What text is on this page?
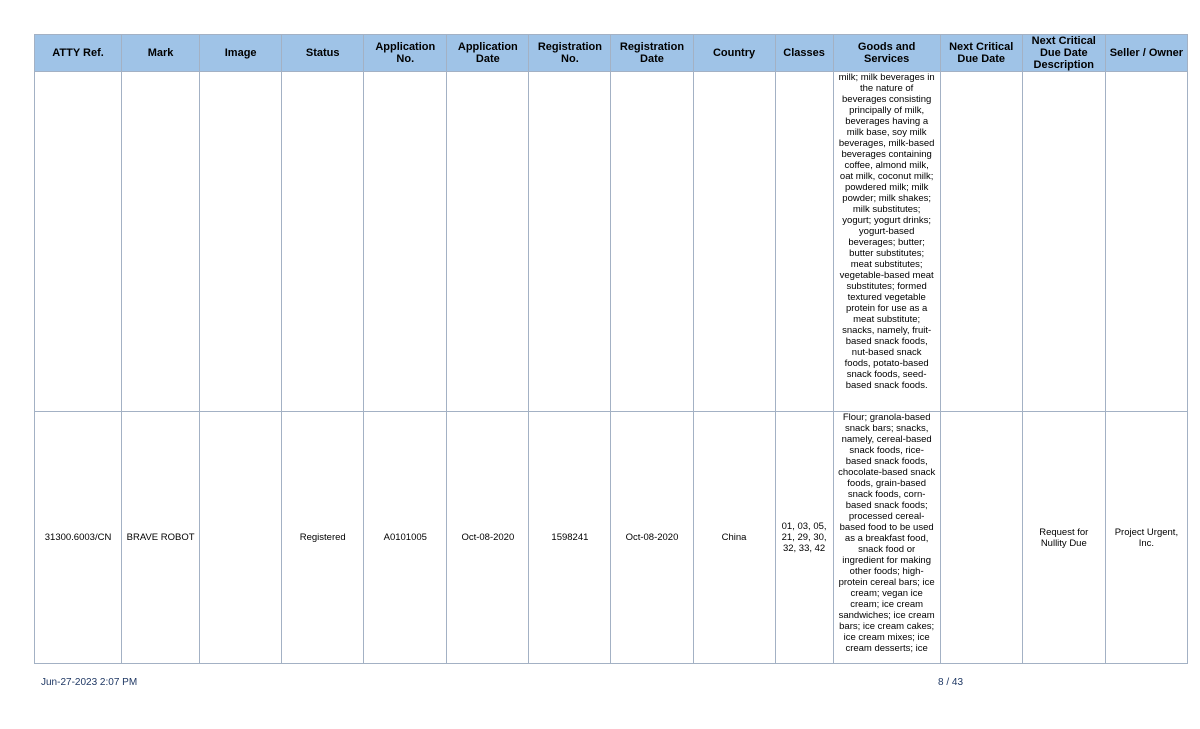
ATTY Ref.	Mark	Image	Status	Application No.	Application Date	Registration No.	Registration Date	Country	Classes	Goods and Services	Next Critical Due Date	Next Critical Due Date Description	Seller / Owner

										milk; milk beverages in the nature of beverages consisting principally of milk, beverages having a milk base, soy milk beverages, milk-based beverages containing coffee, almond milk, oat milk, coconut milk; powdered milk; milk powder; milk shakes; milk substitutes; yogurt; yogurt drinks; yogurt-based beverages; butter; butter substitutes; meat substitutes; vegetable-based meat substitutes; formed textured vegetable protein for use as a meat substitute; snacks, namely, fruit-based snack foods, nut-based snack foods, potato-based snack foods, seed-based snack foods.			

31300.6003/CN	BRAVE ROBOT		Registered	A0101005	Oct-08-2020	1598241	Oct-08-2020	China	01, 03, 05, 21, 29, 30, 32, 33, 42	Flour; granola-based snack bars; snacks, namely, cereal-based snack foods, rice-based snack foods, chocolate-based snack foods, grain-based snack foods, corn-based snack foods; processed cereal-based food to be used as a breakfast food, snack food or ingredient for making other foods; high-protein cereal bars; ice cream; vegan ice cream; ice cream sandwiches; ice cream bars; ice cream cakes; ice cream mixes; ice cream desserts; ice		Request for Nullity Due	Project Urgent, Inc.
Jun-27-2023 2:07 PM	8 / 43
